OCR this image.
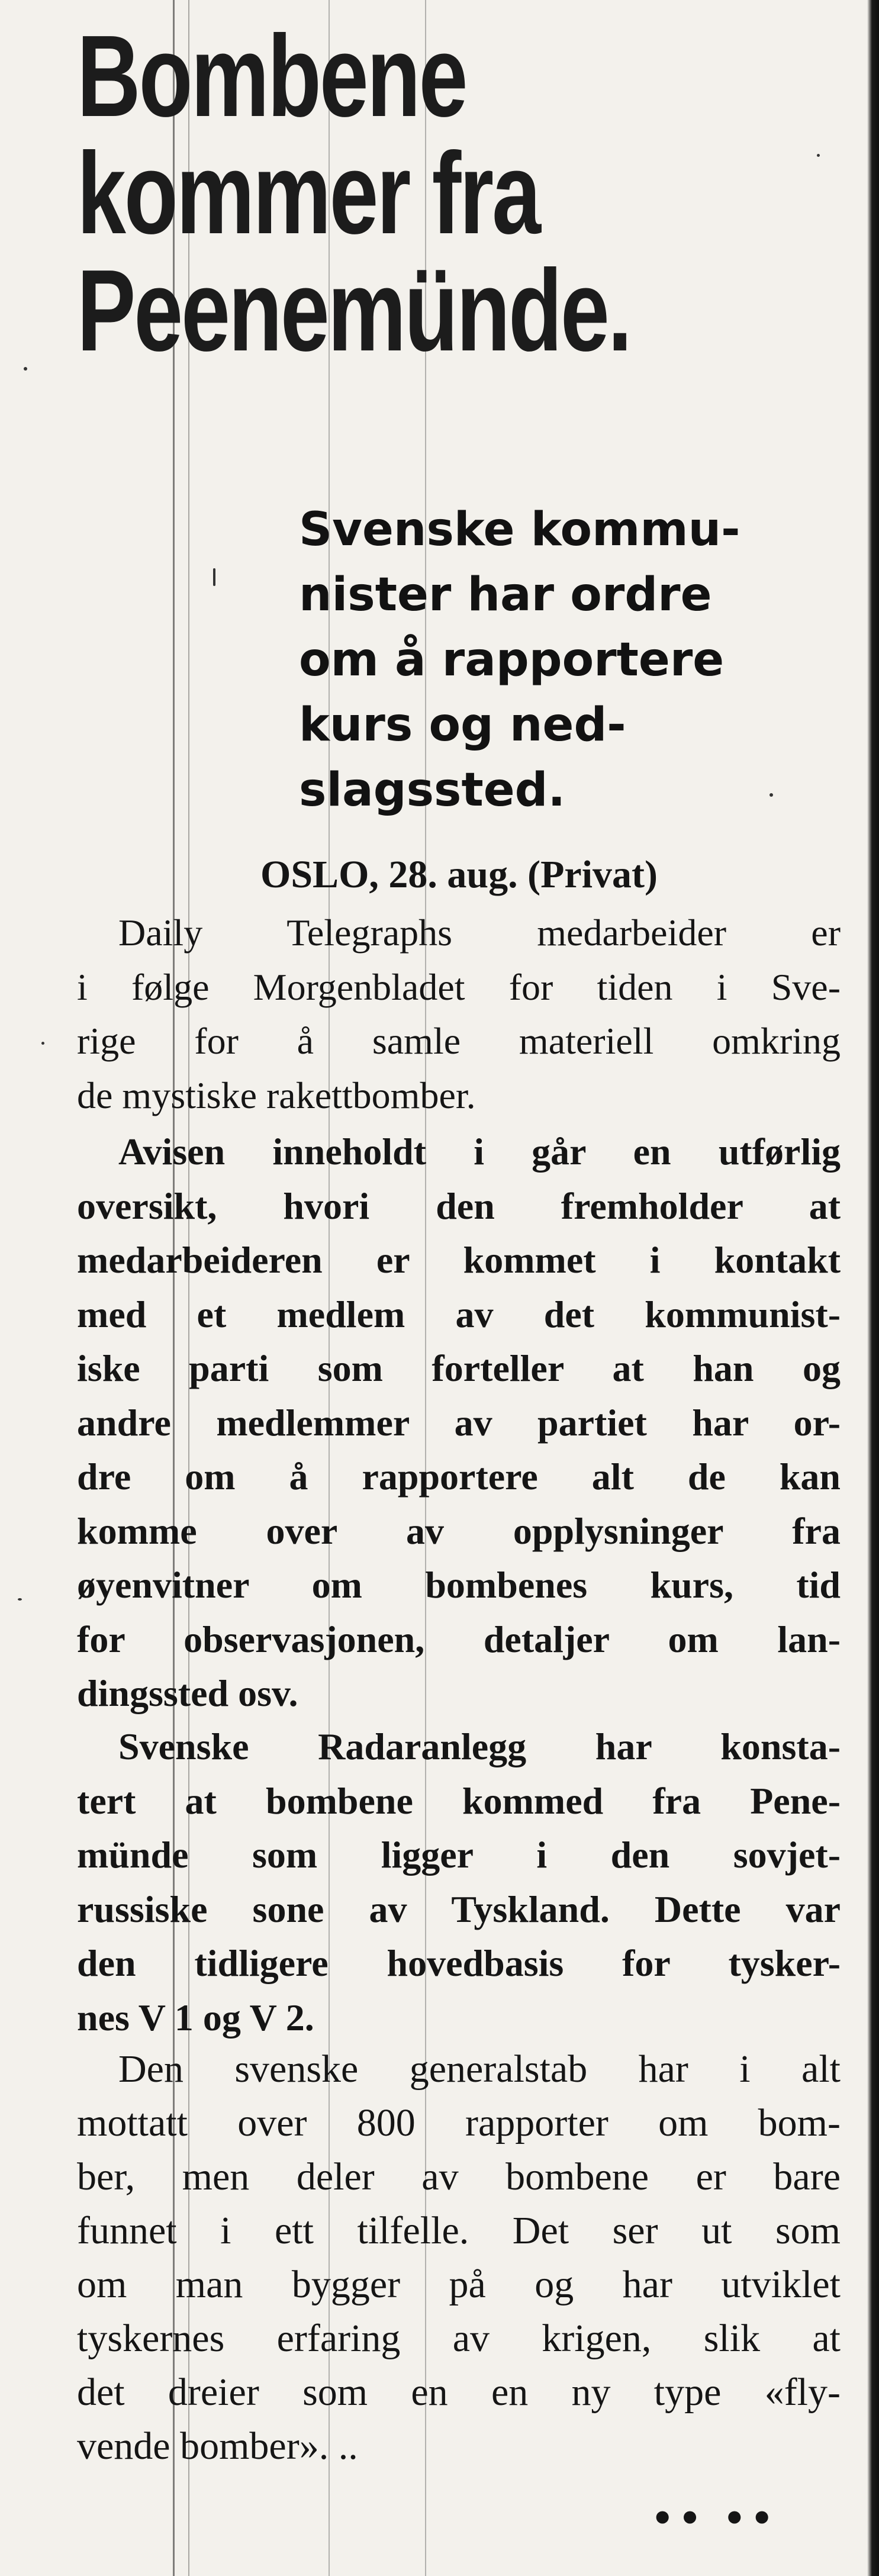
Bombene
kommer fra
Peenemünde.
Svenske kommu-
nister har ordre
om å rapportere
kurs og ned-
slagssted.
OSLO, 28. aug. (Privat)
Daily Telegraphs medarbeider er
i følge Morgenbladet for tiden i Sve-
rige for å samle materiell omkring
de mystiske rakettbomber.
Avisen inneholdt i går en utførlig
oversikt, hvori den fremholder at
medarbeideren er kommet i kontakt
med et medlem av det kommunist-
iske parti som forteller at han og
andre medlemmer av partiet har or-
dre om å rapportere alt de kan
komme over av opplysninger fra
øyenvitner om bombenes kurs, tid
for observasjonen, detaljer om lan-
dingssted osv.
Svenske Radaranlegg har konsta-
tert at bombene kommed fra Pene-
münde som ligger i den sovjet-
russiske sone av Tyskland. Dette var
den tidligere hovedbasis for tysker-
nes V 1 og V 2.
Den svenske generalstab har i alt
mottatt over 800 rapporter om bom-
ber, men deler av bombene er bare
funnet i ett tilfelle. Det ser ut som
om man bygger på og har utviklet
tyskernes erfaring av krigen, slik at
det dreier som en en ny type «fly-
vende bomber». ..
•• ••
